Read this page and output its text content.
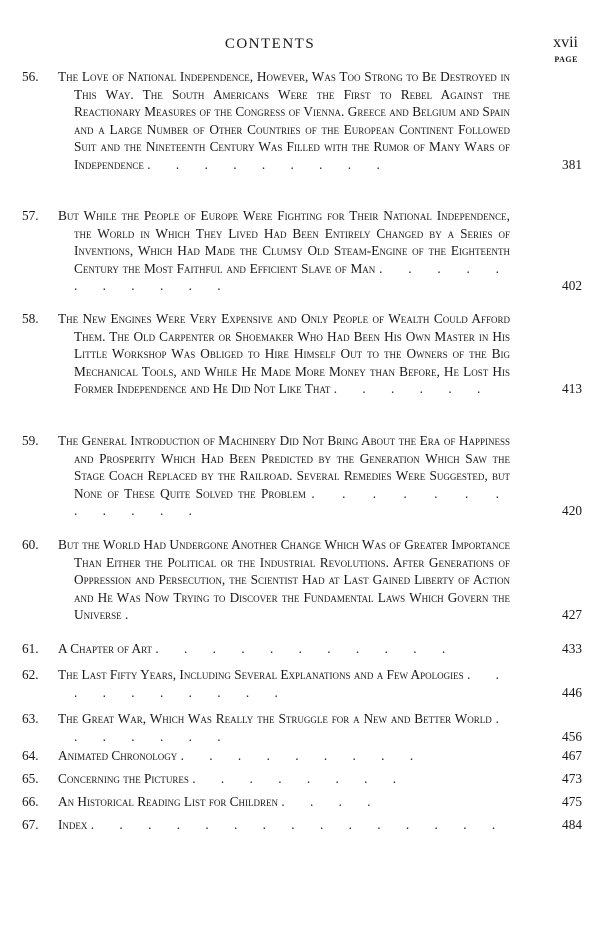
CONTENTS	xvii
PAGE
56.	The Love of National Independence, However, Was Too Strong to Be Destroyed in This Way. The South Americans Were the First to Rebel Against the Reactionary Measures of the Congress of Vienna. Greece and Belgium and Spain and a Large Number of Other Countries of the European Continent Followed Suit and the Nineteenth Century Was Filled with the Rumor of Many Wars of Independence . . . . . . . . .	381
57.	But While the People of Europe Were Fighting for Their National Independence, the World in Which They Lived Had Been Entirely Changed by a Series of Inventions, Which Had Made the Clumsy Old Steam-Engine of the Eighteenth Century the Most Faithful and Efficient Slave of Man . . . . . . . . . . .	402
58.	The New Engines Were Very Expensive and Only People of Wealth Could Afford Them. The Old Carpenter or Shoemaker Who Had Been His Own Master in His Little Workshop Was Obliged to Hire Himself Out to the Owners of the Big Mechanical Tools, and While He Made More Money than Before, He Lost His Former Independence and He Did Not Like That . . . . . .	413
59.	The General Introduction of Machinery Did Not Bring About the Era of Happiness and Prosperity Which Had Been Predicted by the Generation Which Saw the Stage Coach Replaced by the Railroad. Several Remedies Were Suggested, but None of These Quite Solved the Problem . . . . . . . . . . . .	420
60.	But the World Had Undergone Another Change Which Was of Greater Importance Than Either the Political or the Industrial Revolutions. After Generations of Oppression and Persecution, the Scientist Had at Last Gained Liberty of Action and He Was Now Trying to Discover the Fundamental Laws Which Govern the Universe .	427
61.	A Chapter of Art . . . . . . . . . . .	433
62.	The Last Fifty Years, Including Several Explanations and a Few Apologies . . . . . . . . . .	446
63.	The Great War, Which Was Really the Struggle for a New and Better World . . . . . . .	456
64.	Animated Chronology . . . . . . . . .	467
65.	Concerning the Pictures . . . . . . . .	473
66.	An Historical Reading List for Children . . . .	475
67.	Index . . . . . . . . . . . . . . .	484
